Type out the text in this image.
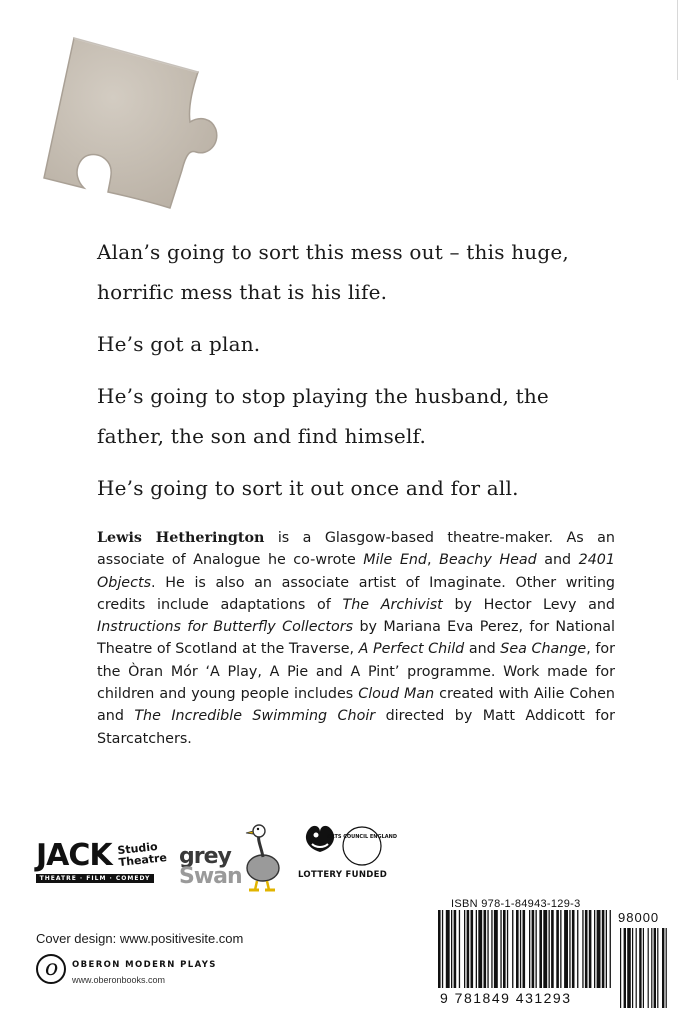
Alan’s going to sort this mess out – this huge, horrific mess that is his life.

He’s got a plan.

He’s going to stop playing the husband, the father, the son and find himself.

He’s going to sort it out once and for all.

Lewis Hetherington is a Glasgow-based theatre-maker. As an associate of Analogue he co-wrote Mile End, Beachy Head and 2401 Objects. He is also an associate artist of Imaginate. Other writing credits include adaptations of The Archivist by Hector Levy and Instructions for Butterfly Collectors by Mariana Eva Perez, for National Theatre of Scotland at the Traverse, A Perfect Child and Sea Change, for the Òran Mór ‘A Play, A Pie and A Pint’ programme. Work made for children and young people includes Cloud Man created with Ailie Cohen and The Incredible Swimming Choir directed by Matt Addicott for Starcatchers.
JACK Studio Theatre
THEATRE · FILM · COMEDY
grey
Swan
ARTS COUNCIL ENGLAND
LOTTERY FUNDED
ISBN 978-1-84943-129-3
98000
9 781849 431293
Cover design: www.positivesite.com
o OBERON MODERN PLAYS
www.oberonbooks.com
